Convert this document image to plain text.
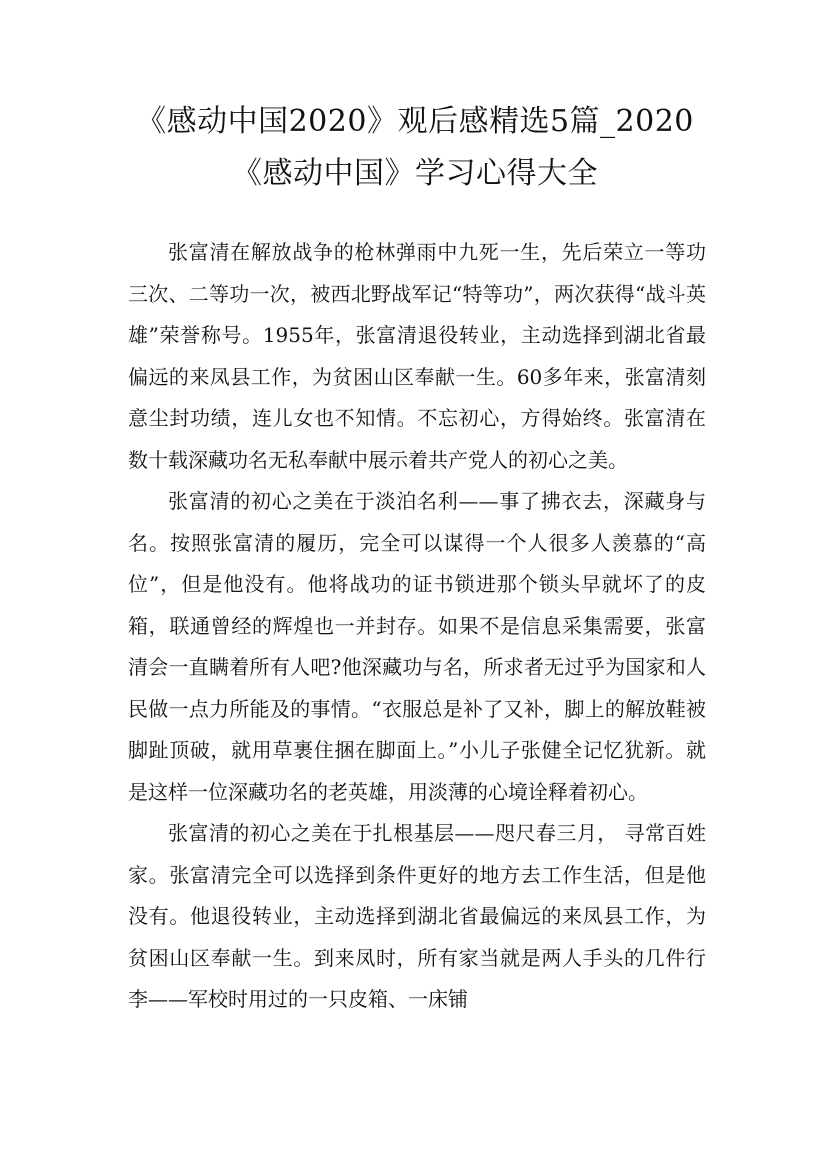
《感动中国2020》观后感精选5篇_2020《感动中国》学习心得大全

张富清在解放战争的枪林弹雨中九死一生，先后荣立一等功三次、二等功一次，被西北野战军记“特等功”，两次获得“战斗英雄”荣誉称号。1955年，张富清退役转业，主动选择到湖北省最偏远的来凤县工作，为贫困山区奉献一生。60多年来，张富清刻意尘封功绩，连儿女也不知情。不忘初心，方得始终。张富清在数十载深藏功名无私奉献中展示着共产党人的初心之美。

张富清的初心之美在于淡泊名利——事了拂衣去，深藏身与名。按照张富清的履历，完全可以谋得一个人很多人羡慕的“高位”，但是他没有。他将战功的证书锁进那个锁头早就坏了的皮箱，联通曾经的辉煌也一并封存。如果不是信息采集需要，张富清会一直瞒着所有人吧?他深藏功与名，所求者无过乎为国家和人民做一点力所能及的事情。“衣服总是补了又补，脚上的解放鞋被脚趾顶破，就用草裹住捆在脚面上。”小儿子张健全记忆犹新。就是这样一位深藏功名的老英雄，用淡薄的心境诠释着初心。

张富清的初心之美在于扎根基层——咫尺春三月， 寻常百姓家。张富清完全可以选择到条件更好的地方去工作生活，但是他没有。他退役转业，主动选择到湖北省最偏远的来凤县工作，为贫困山区奉献一生。到来凤时，所有家当就是两人手头的几件行李——军校时用过的一只皮箱、一床铺
